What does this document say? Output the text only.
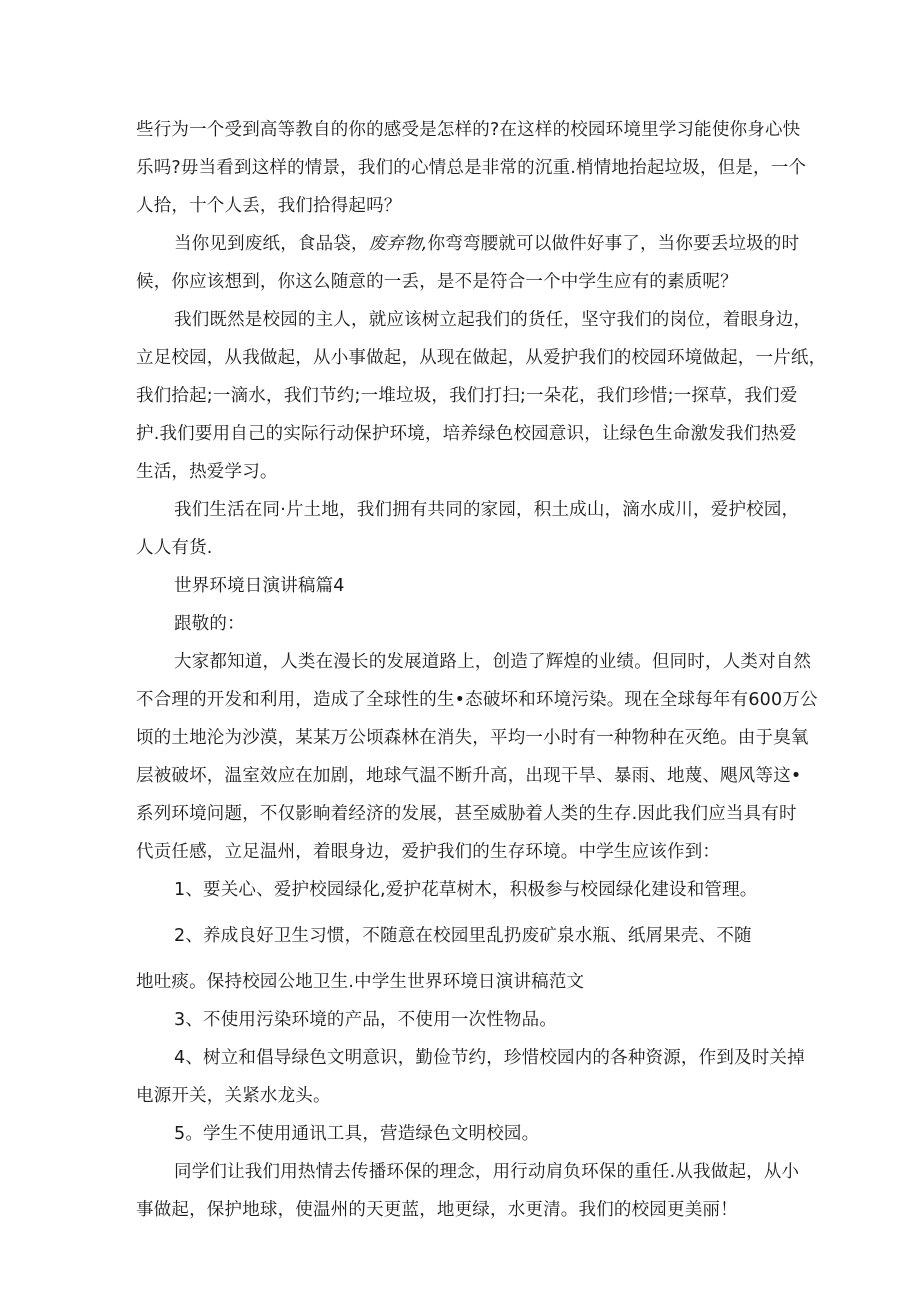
些行为一个受到高等教自的你的感受是怎样的?在这样的校园环境里学习能使你身心快
乐吗?毋当看到这样的情景，我们的心情总是非常的沉重.梢情地抬起垃圾，但是，一个
人拾，十个人丢，我们拾得起吗？
当你见到废纸，食品袋，废弃物,你弯弯腰就可以做件好事了，当你要丢垃圾的时
候，你应该想到，你这么随意的一丢，是不是符合一个中学生应有的素质呢？
我们既然是校园的主人，就应该树立起我们的货任，坚守我们的岗位，着眼身边，
立足校园，从我做起，从小事做起，从现在做起，从爱护我们的校园环境做起，一片纸，
我们拾起;一滴水，我们节约;一堆垃圾，我们打扫;一朵花，我们珍惜;一探草，我们爱
护.我们要用自己的实际行动保护环境，培养绿色校园意识，让绿色生命激发我们热爱
生活，热爱学习。
我们生活在同·片土地，我们拥有共同的家园，积土成山，滴水成川，爱护校园，
人人有货.
世界环境日演讲稿篇4
跟敬的：
大家都知道，人类在漫长的发展道路上，创造了辉煌的业绩。但同时，人类对自然
不合理的开发和利用，造成了全球性的生•态破坏和环境污染。现在全球每年有600万公
顷的土地沦为沙漠，某某万公顷森林在消失，平均一小时有一种物种在灭绝。由于臭氧
层被破坏，温室效应在加剧，地球气温不断升高，出现干旱、暴雨、地蔑、飓风等这•
系列环境问题，不仅影晌着经济的发展，甚至威胁着人类的生存.因此我们应当具有时
代贡任感，立足温州，着眼身边，爱护我们的生存环境。中学生应该作到：
1、要关心、爱护校园绿化,爱护花草树木，积极参与校园绿化建设和管理。
2、养成良好卫生习惯，不随意在校园里乱扔废矿泉水瓶、纸屑果壳、不随
地吐痰。保持校园公地卫生.中学生世界环境日演讲稿范文
3、不使用污染环境的产品，不使用一次性物品。
4、树立和倡导绿色文明意识，勤俭节约，珍惜校园内的各种资源，作到及时关掉
电源开关，关紧水龙头。
5。学生不使用通讯工具，营造绿色文明校园。
同学们让我们用热情去传播环保的理念，用行动肩负环保的重任.从我做起，从小
事做起，保护地球，使温州的天更蓝，地更绿，水更清。我们的校园更美丽！
